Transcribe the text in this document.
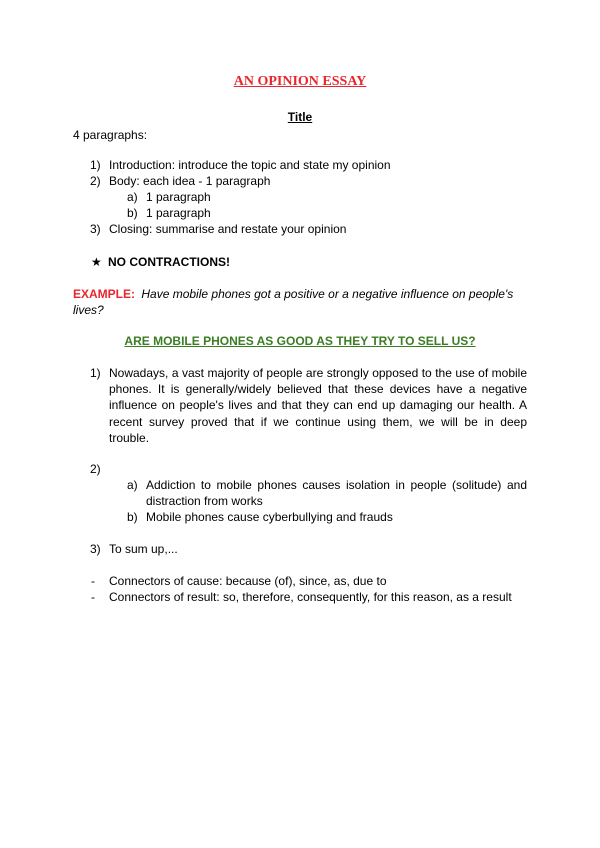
AN OPINION ESSAY
Title
4 paragraphs:
1) Introduction: introduce the topic and state my opinion
2) Body: each idea - 1 paragraph
a) 1 paragraph
b) 1 paragraph
3) Closing: summarise and restate your opinion
★ NO CONTRACTIONS!
EXAMPLE: Have mobile phones got a positive or a negative influence on people's
lives?
ARE MOBILE PHONES AS GOOD AS THEY TRY TO SELL US?
1) Nowadays, a vast majority of people are strongly opposed to the use of mobile phones. It is generally/widely believed that these devices have a negative influence on people's lives and that they can end up damaging our health. A recent survey proved that if we continue using them, we will be in deep trouble.
2)
a) Addiction to mobile phones causes isolation in people (solitude) and distraction from works
b) Mobile phones cause cyberbullying and frauds
3) To sum up,...
- Connectors of cause: because (of), since, as, due to
- Connectors of result: so, therefore, consequently, for this reason, as a result
